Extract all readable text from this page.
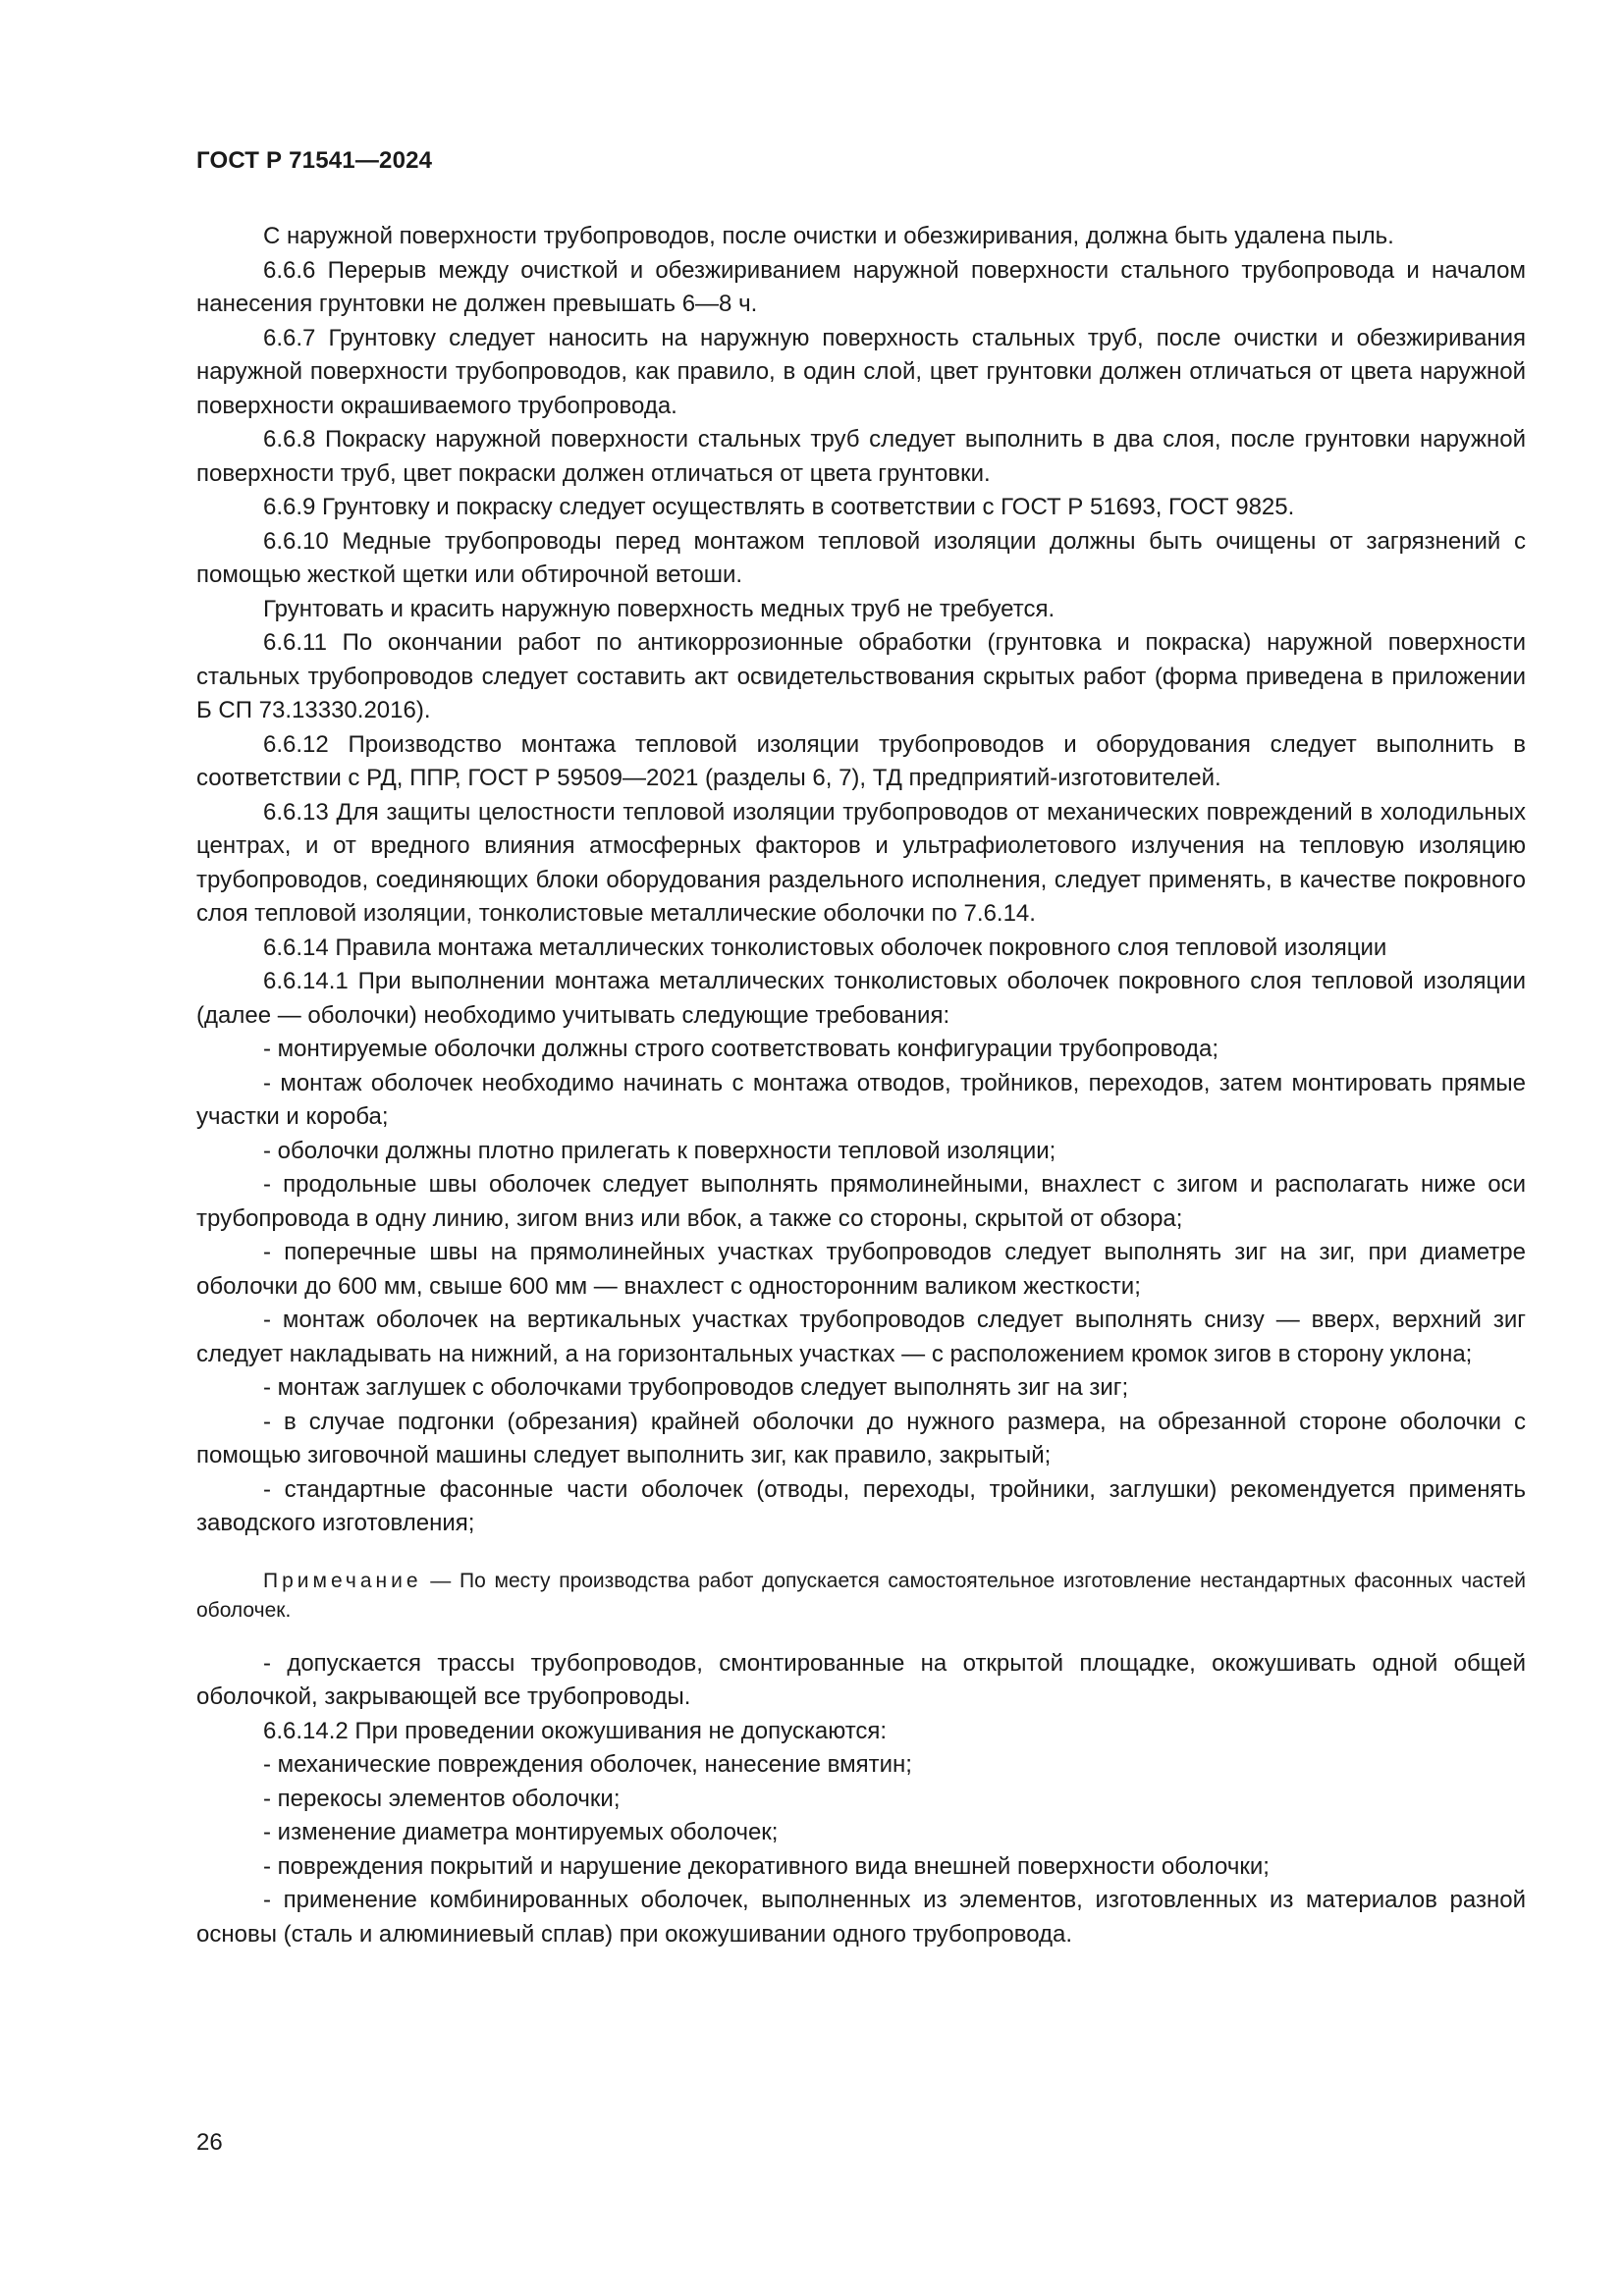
ГОСТ Р 71541—2024

С наружной поверхности трубопроводов, после очистки и обезжиривания, должна быть удалена пыль.

6.6.6 Перерыв между очисткой и обезжириванием наружной поверхности стального трубопровода и началом нанесения грунтовки не должен превышать 6—8 ч.

6.6.7 Грунтовку следует наносить на наружную поверхность стальных труб, после очистки и обезжиривания наружной поверхности трубопроводов, как правило, в один слой, цвет грунтовки должен отличаться от цвета наружной поверхности окрашиваемого трубопровода.

6.6.8 Покраску наружной поверхности стальных труб следует выполнить в два слоя, после грунтовки наружной поверхности труб, цвет покраски должен отличаться от цвета грунтовки.

6.6.9 Грунтовку и покраску следует осуществлять в соответствии с ГОСТ Р 51693, ГОСТ 9825.

6.6.10 Медные трубопроводы перед монтажом тепловой изоляции должны быть очищены от загрязнений с помощью жесткой щетки или обтирочной ветоши.

Грунтовать и красить наружную поверхность медных труб не требуется.

6.6.11 По окончании работ по антикоррозионные обработки (грунтовка и покраска) наружной поверхности стальных трубопроводов следует составить акт освидетельствования скрытых работ (форма приведена в приложении Б СП 73.13330.2016).

6.6.12 Производство монтажа тепловой изоляции трубопроводов и оборудования следует выполнить в соответствии с РД, ППР, ГОСТ Р 59509—2021 (разделы 6, 7), ТД предприятий-изготовителей.

6.6.13 Для защиты целостности тепловой изоляции трубопроводов от механических повреждений в холодильных центрах, и от вредного влияния атмосферных факторов и ультрафиолетового излучения на тепловую изоляцию трубопроводов, соединяющих блоки оборудования раздельного исполнения, следует применять, в качестве покровного слоя тепловой изоляции, тонколистовые металлические оболочки по 7.6.14.

6.6.14 Правила монтажа металлических тонколистовых оболочек покровного слоя тепловой изоляции

6.6.14.1 При выполнении монтажа металлических тонколистовых оболочек покровного слоя тепловой изоляции (далее — оболочки) необходимо учитывать следующие требования:

- монтируемые оболочки должны строго соответствовать конфигурации трубопровода;

- монтаж оболочек необходимо начинать с монтажа отводов, тройников, переходов, затем монтировать прямые участки и короба;

- оболочки должны плотно прилегать к поверхности тепловой изоляции;

- продольные швы оболочек следует выполнять прямолинейными, внахлест с зигом и располагать ниже оси трубопровода в одну линию, зигом вниз или вбок, а также со стороны, скрытой от обзора;

- поперечные швы на прямолинейных участках трубопроводов следует выполнять зиг на зиг, при диаметре оболочки до 600 мм, свыше 600 мм — внахлест с односторонним валиком жесткости;

- монтаж оболочек на вертикальных участках трубопроводов следует выполнять снизу — вверх, верхний зиг следует накладывать на нижний, а на горизонтальных участках — с расположением кромок зигов в сторону уклона;

- монтаж заглушек с оболочками трубопроводов следует выполнять зиг на зиг;

- в случае подгонки (обрезания) крайней оболочки до нужного размера, на обрезанной стороне оболочки с помощью зиговочной машины следует выполнить зиг, как правило, закрытый;

- стандартные фасонные части оболочек (отводы, переходы, тройники, заглушки) рекомендуется применять заводского изготовления;

Примечание — По месту производства работ допускается самостоятельное изготовление нестандартных фасонных частей оболочек.

- допускается трассы трубопроводов, смонтированные на открытой площадке, окожушивать одной общей оболочкой, закрывающей все трубопроводы.

6.6.14.2 При проведении окожушивания не допускаются:

- механические повреждения оболочек, нанесение вмятин;

- перекосы элементов оболочки;

- изменение диаметра монтируемых оболочек;

- повреждения покрытий и нарушение декоративного вида внешней поверхности оболочки;

- применение комбинированных оболочек, выполненных из элементов, изготовленных из материалов разной основы (сталь и алюминиевый сплав) при окожушивании одного трубопровода.

26
